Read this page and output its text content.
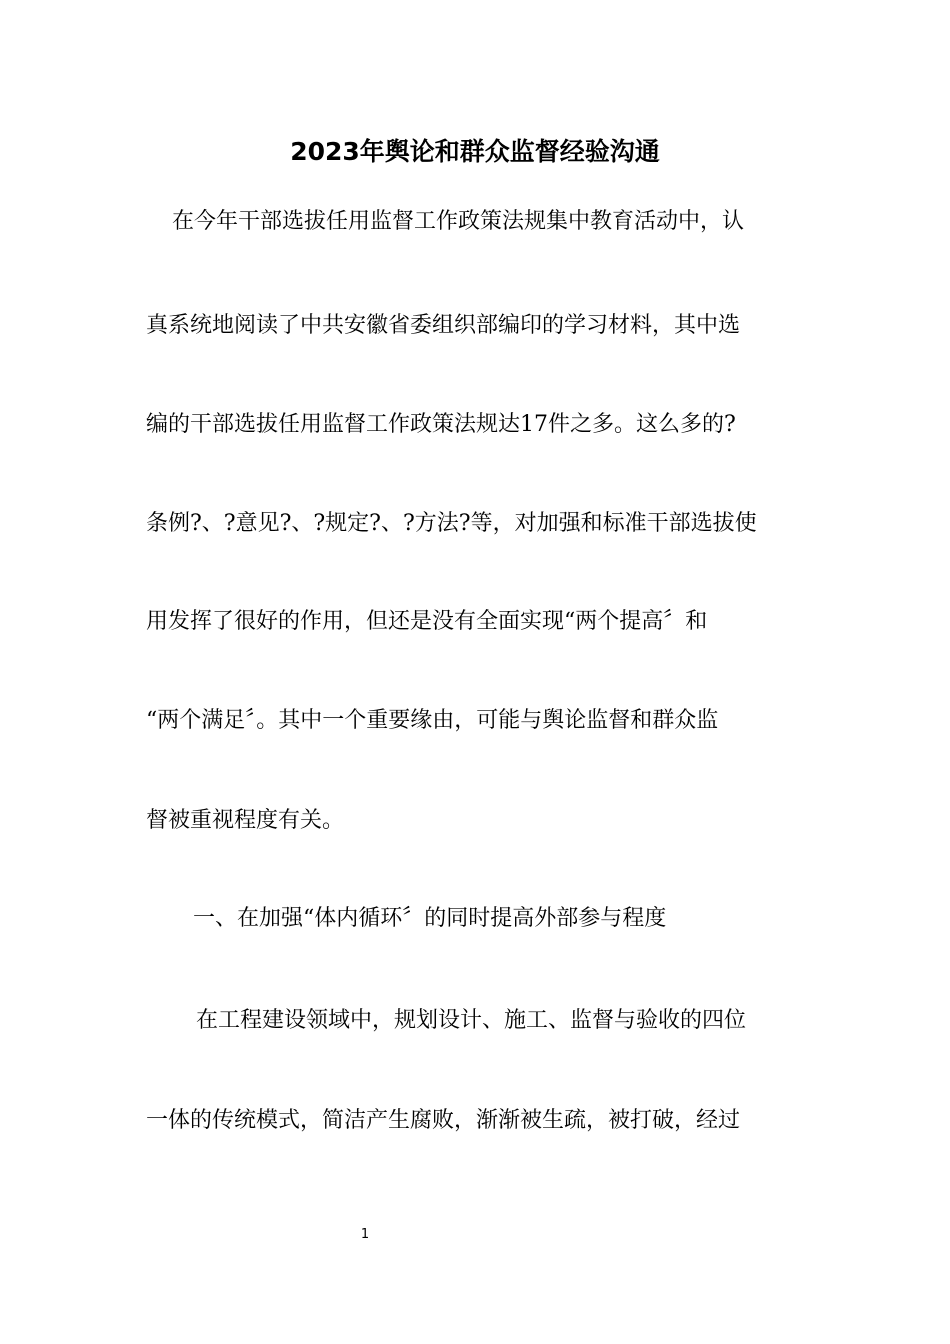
2023年舆论和群众监督经验沟通
在今年干部选拔任用监督工作政策法规集中教育活动中，认
真系统地阅读了中共安徽省委组织部编印的学习材料，其中选
编的干部选拔任用监督工作政策法规达17件之多。这么多的?
条例?、?意见?、?规定?、?方法?等，对加强和标准干部选拔使
用发挥了很好的作用，但还是没有全面实现“两个提高〞和
“两个满足〞。其中一个重要缘由，可能与舆论监督和群众监
督被重视程度有关。
一、在加强“体内循环〞的同时提高外部参与程度
在工程建设领域中，规划设计、施工、监督与验收的四位
一体的传统模式，简洁产生腐败，渐渐被生疏，被打破，经过
1
